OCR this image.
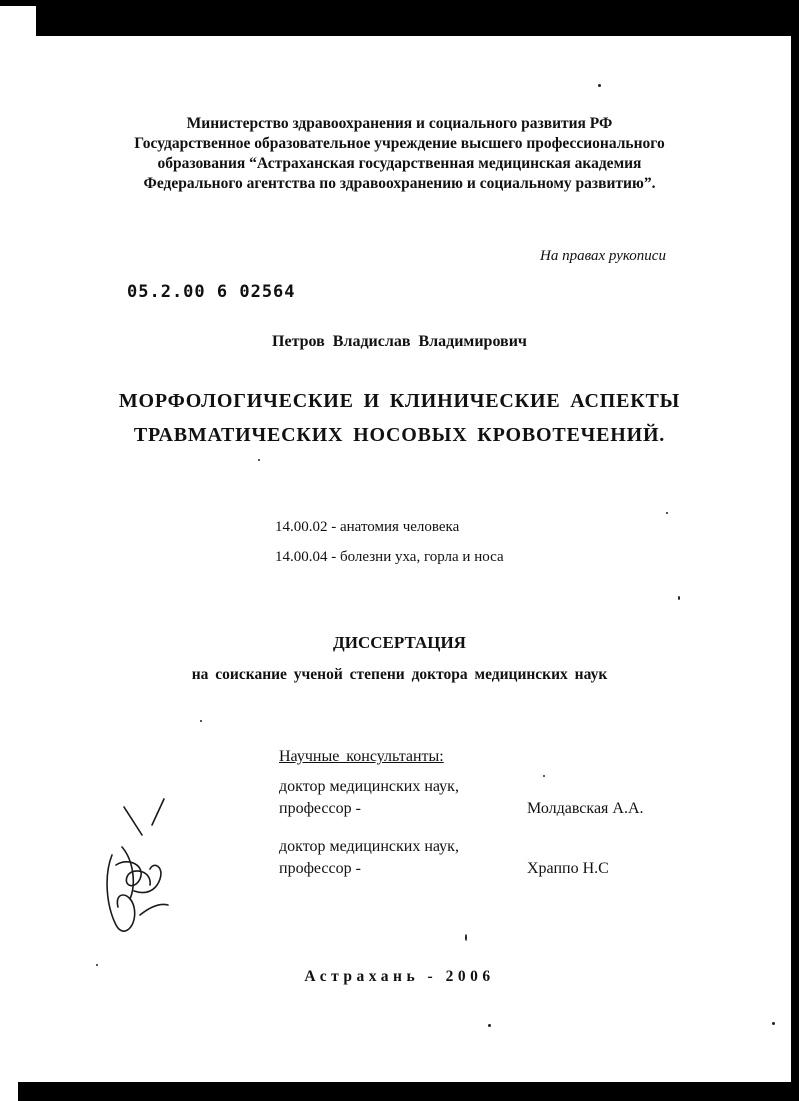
Министерство здравоохранения и социального развития РФ
Государственное образовательное учреждение высшего профессионального
образования “Астраханская государственная медицинская академия
Федерального агентства по здравоохранению и социальному развитию”.
На правах рукописи
05.2.00 6 02564
Петров Владислав Владимирович
МОРФОЛОГИЧЕСКИЕ И КЛИНИЧЕСКИЕ АСПЕКТЫ
ТРАВМАТИЧЕСКИХ НОСОВЫХ КРОВОТЕЧЕНИЙ.
14.00.02 - анатомия человека
14.00.04 - болезни уха, горла и носа
ДИССЕРТАЦИЯ
на соискание ученой степени доктора медицинских наук
Научные консультанты:
доктор медицинских наук,
профессор -	Молдавская А.А.
доктор медицинских наук,
профессор -	Храппо Н.С
Астрахань - 2006
